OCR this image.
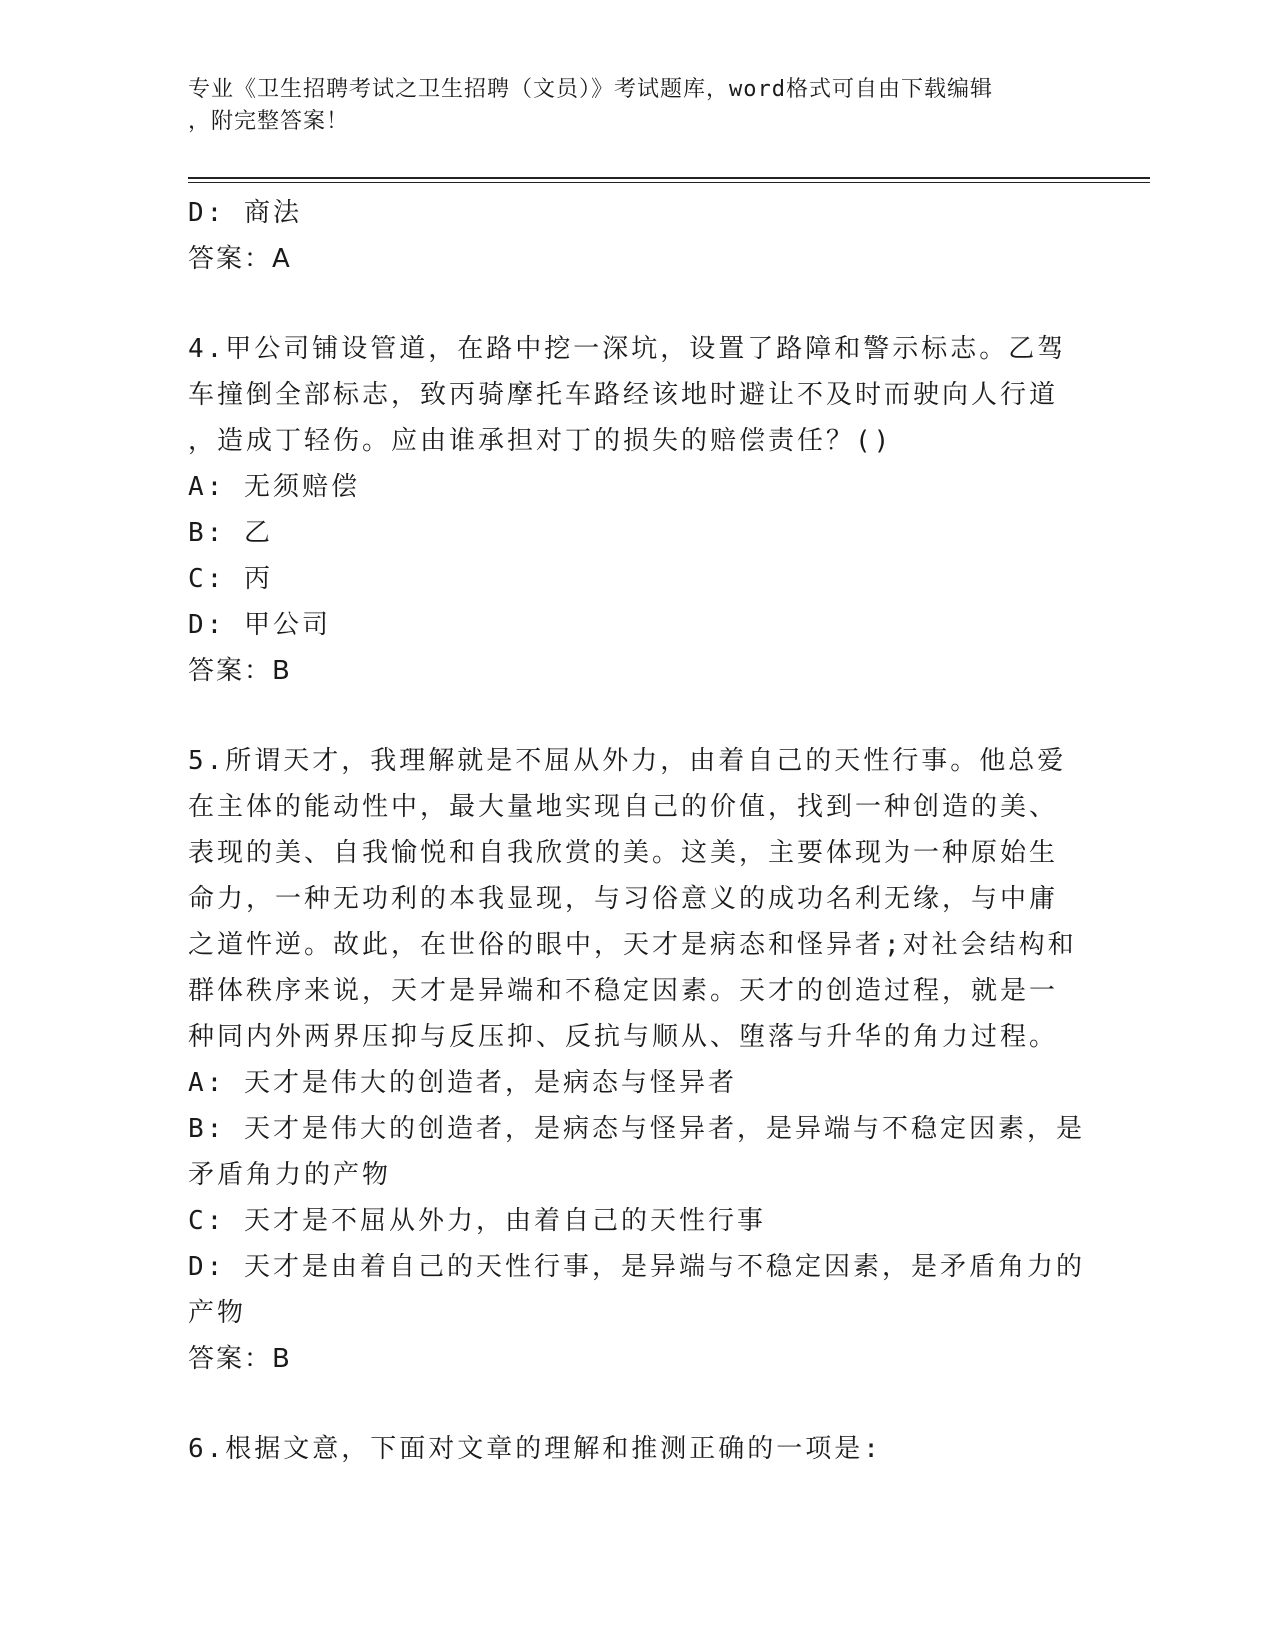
专业《卫生招聘考试之卫生招聘（文员）》考试题库，word格式可自由下载编辑
，附完整答案！
D: 商法
答案：A
4.甲公司铺设管道，在路中挖一深坑，设置了路障和警示标志。乙驾
车撞倒全部标志，致丙骑摩托车路经该地时避让不及时而驶向人行道
，造成丁轻伤。应由谁承担对丁的损失的赔偿责任？()
A: 无须赔偿
B: 乙
C: 丙
D: 甲公司
答案：B
5.所谓天才，我理解就是不屈从外力，由着自己的天性行事。他总爱
在主体的能动性中，最大量地实现自己的价值，找到一种创造的美、
表现的美、自我愉悦和自我欣赏的美。这美，主要体现为一种原始生
命力，一种无功利的本我显现，与习俗意义的成功名利无缘，与中庸
之道忤逆。故此，在世俗的眼中，天才是病态和怪异者;对社会结构和
群体秩序来说，天才是异端和不稳定因素。天才的创造过程，就是一
种同内外两界压抑与反压抑、反抗与顺从、堕落与升华的角力过程。
A: 天才是伟大的创造者，是病态与怪异者
B: 天才是伟大的创造者，是病态与怪异者，是异端与不稳定因素，是
矛盾角力的产物
C: 天才是不屈从外力，由着自己的天性行事
D: 天才是由着自己的天性行事，是异端与不稳定因素，是矛盾角力的
产物
答案：B
6.根据文意，下面对文章的理解和推测正确的一项是:
